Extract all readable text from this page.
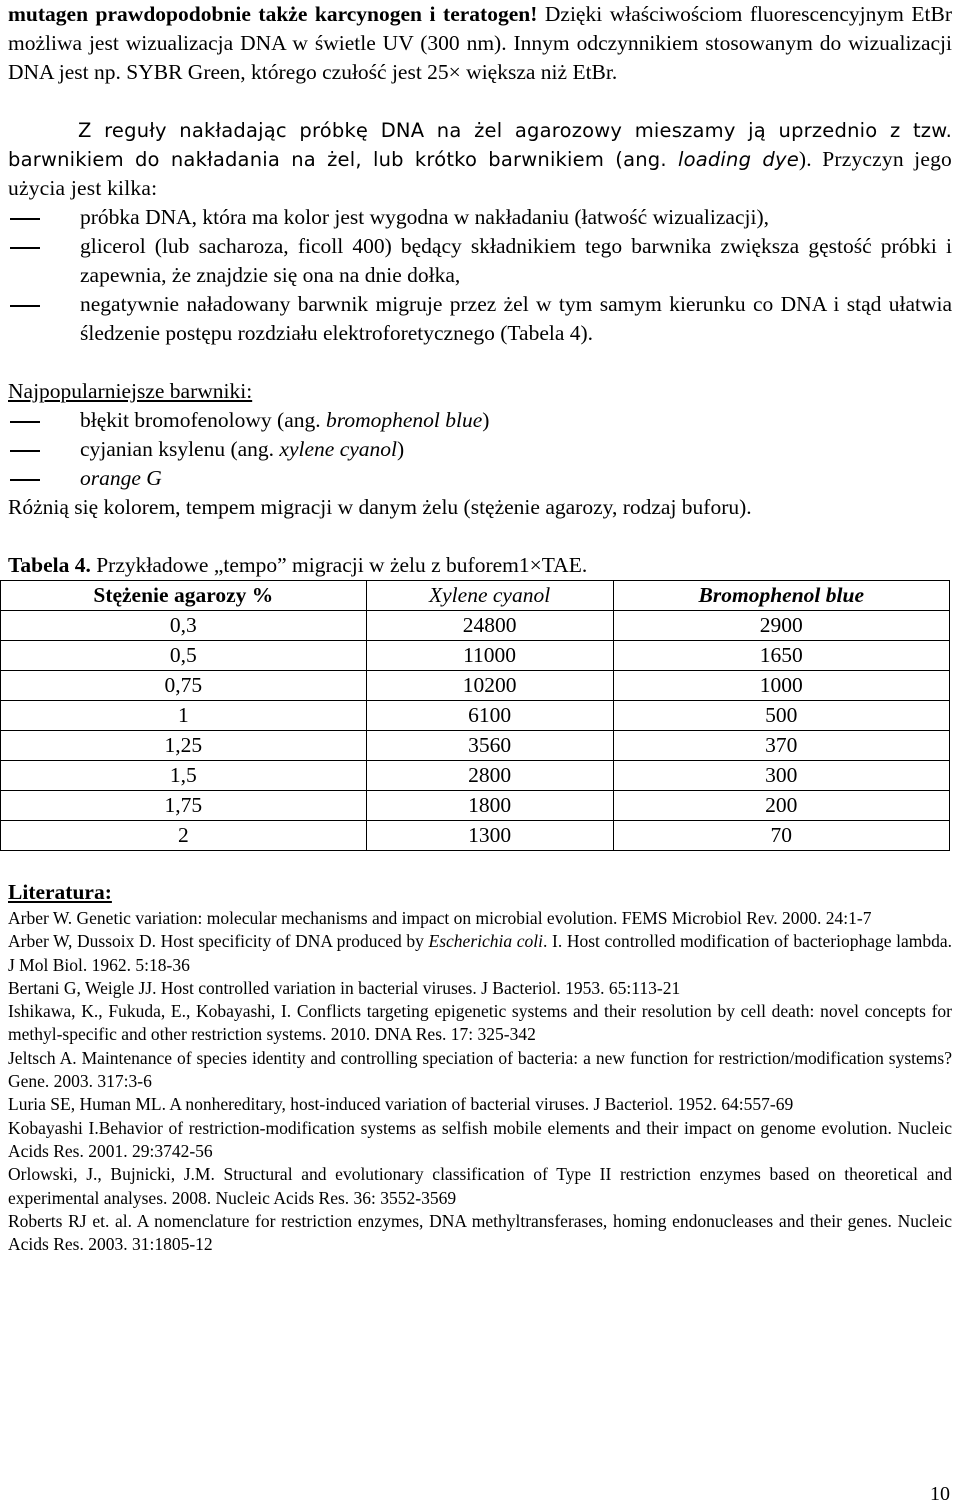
mutagen prawdopodobnie także karcynogen i teratogen! Dzięki właściwościom fluorescencyjnym EtBr możliwa jest wizualizacja DNA w świetle UV (300 nm). Innym odczynnikiem stosowanym do wizualizacji DNA jest np. SYBR Green, którego czułość jest 25× większa niż EtBr.

Z reguły nakładając próbkę DNA na żel agarozowy mieszamy ją uprzednio z tzw. barwnikiem do nakładania na żel, lub krótko barwnikiem (ang. loading dye). Przyczyn jego użycia jest kilka:

próbka DNA, która ma kolor jest wygodna w nakładaniu (łatwość wizualizacji),
glicerol (lub sacharoza, ficoll 400) będący składnikiem tego barwnika zwiększa gęstość próbki i zapewnia, że znajdzie się ona na dnie dołka,
negatywnie naładowany barwnik migruje przez żel w tym samym kierunku co DNA i stąd ułatwia śledzenie postępu rozdziału elektroforetycznego (Tabela 4).

Najpopularniejsze barwniki:

błękit bromofenolowy (ang. bromophenol blue)
cyjanian ksylenu (ang. xylene cyanol)
orange G

Różnią się kolorem, tempem migracji w danym żelu (stężenie agarozy, rodzaj buforu).

Tabela 4. Przykładowe „tempo” migracji w żelu z buforem1×TAE.

Stężenie agarozy %	Xylene cyanol	Bromophenol blue
0,3	24800	2900
0,5	11000	1650
0,75	10200	1000
1	6100	500
1,25	3560	370
1,5	2800	300
1,75	1800	200
2	1300	70

Literatura:

Arber W. Genetic variation: molecular mechanisms and impact on microbial evolution. FEMS Microbiol Rev. 2000. 24:1-7

Arber W, Dussoix D. Host specificity of DNA produced by Escherichia coli. I. Host controlled modification of bacteriophage lambda. J Mol Biol. 1962. 5:18-36

Bertani G, Weigle JJ. Host controlled variation in bacterial viruses. J Bacteriol. 1953. 65:113-21

Ishikawa, K., Fukuda, E., Kobayashi, I. Conflicts targeting epigenetic systems and their resolution by cell death: novel concepts for methyl-specific and other restriction systems. 2010. DNA Res. 17: 325-342

Jeltsch A. Maintenance of species identity and controlling speciation of bacteria: a new function for restriction/modification systems? Gene. 2003. 317:3-6

Luria SE, Human ML. A nonhereditary, host-induced variation of bacterial viruses. J Bacteriol. 1952. 64:557-69

Kobayashi I.Behavior of restriction-modification systems as selfish mobile elements and their impact on genome evolution. Nucleic Acids Res. 2001. 29:3742-56

Orlowski, J., Bujnicki, J.M. Structural and evolutionary classification of Type II restriction enzymes based on theoretical and experimental analyses. 2008. Nucleic Acids Res. 36: 3552-3569

Roberts RJ et. al. A nomenclature for restriction enzymes, DNA methyltransferases, homing endonucleases and their genes. Nucleic Acids Res. 2003. 31:1805-12

10
